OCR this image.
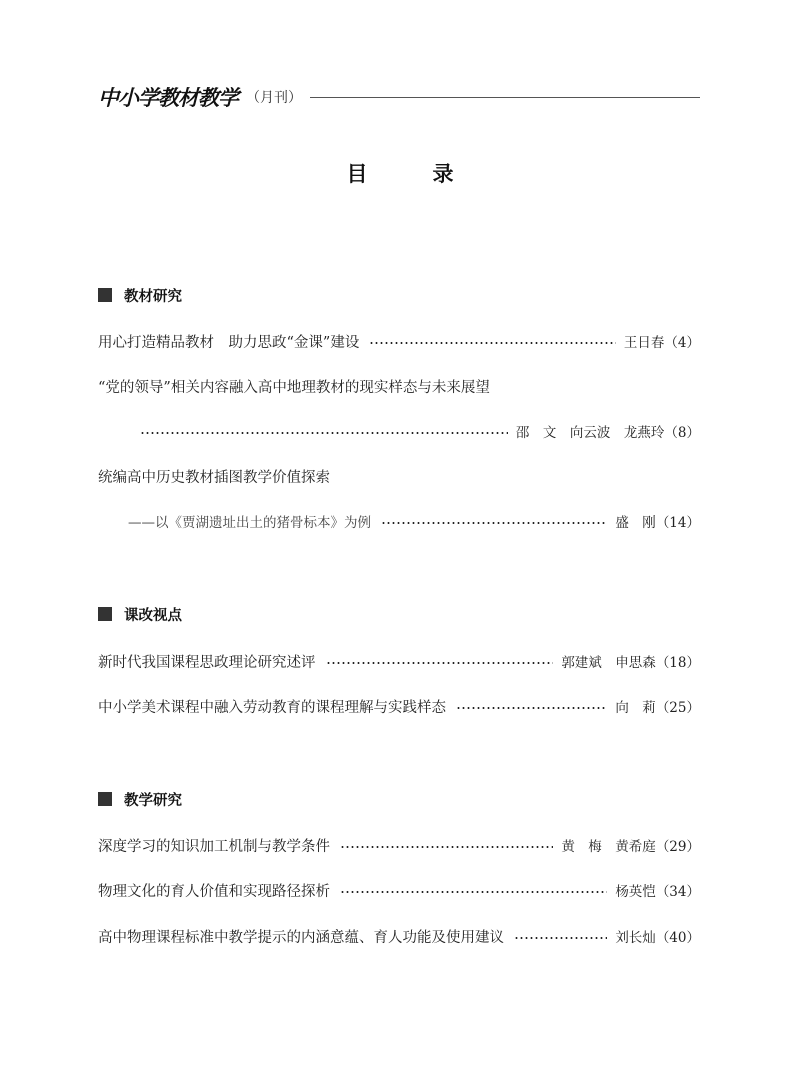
中小学教材教学 （月刊）
目　录
教材研究
用心打造精品教材　助力思政“金课”建设	王日春 （4）
“党的领导”相关内容融入高中地理教材的现实样态与未来展望
邵　文　向云波　龙燕玲 （8）
统编高中历史教材插图教学价值探索
——以《贾湖遗址出土的猪骨标本》为例	盛　刚 （14）
课改视点
新时代我国课程思政理论研究述评	郭建斌　申思森 （18）
中小学美术课程中融入劳动教育的课程理解与实践样态	向　莉 （25）
教学研究
深度学习的知识加工机制与教学条件	黄　梅　黄希庭 （29）
物理文化的育人价值和实现路径探析	杨英恺 （34）
高中物理课程标准中教学提示的内涵意蕴、育人功能及使用建议	刘长灿 （40）
